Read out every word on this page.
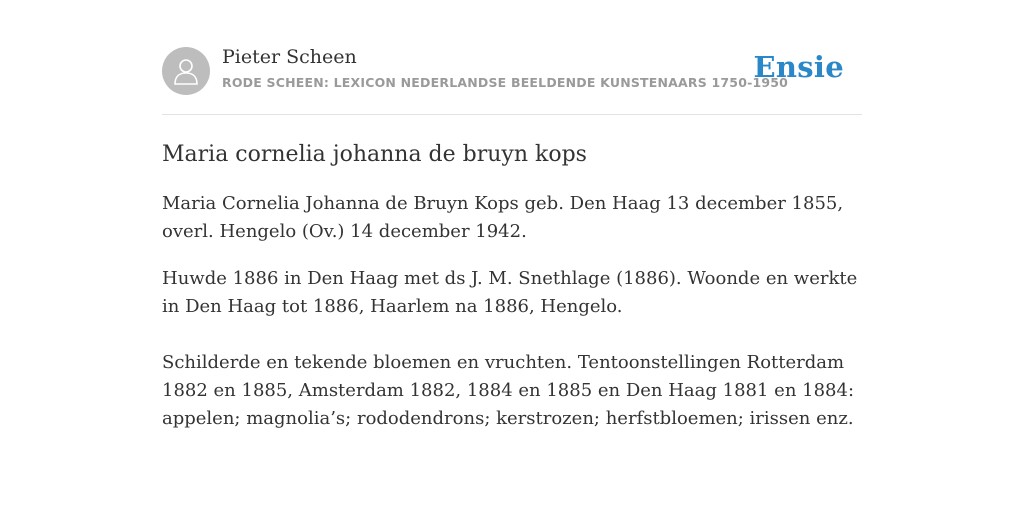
Pieter Scheen
RODE SCHEEN: LEXICON NEDERLANDSE BEELDENDE KUNSTENAARS 1750-1950
Ensie
Maria cornelia johanna de bruyn kops

Maria Cornelia Johanna de Bruyn Kops geb. Den Haag 13 december 1855, overl. Hengelo (Ov.) 14 december 1942.

Huwde 1886 in Den Haag met ds J. M. Snethlage (1886). Woonde en werkte in Den Haag tot 1886, Haarlem na 1886, Hengelo.

Schilderde en tekende bloemen en vruchten. Tentoonstellingen Rotterdam 1882 en 1885, Amsterdam 1882, 1884 en 1885 en Den Haag 1881 en 1884: appelen; magnolia’s; rododendrons; kerstrozen; herfstbloemen; irissen enz.
